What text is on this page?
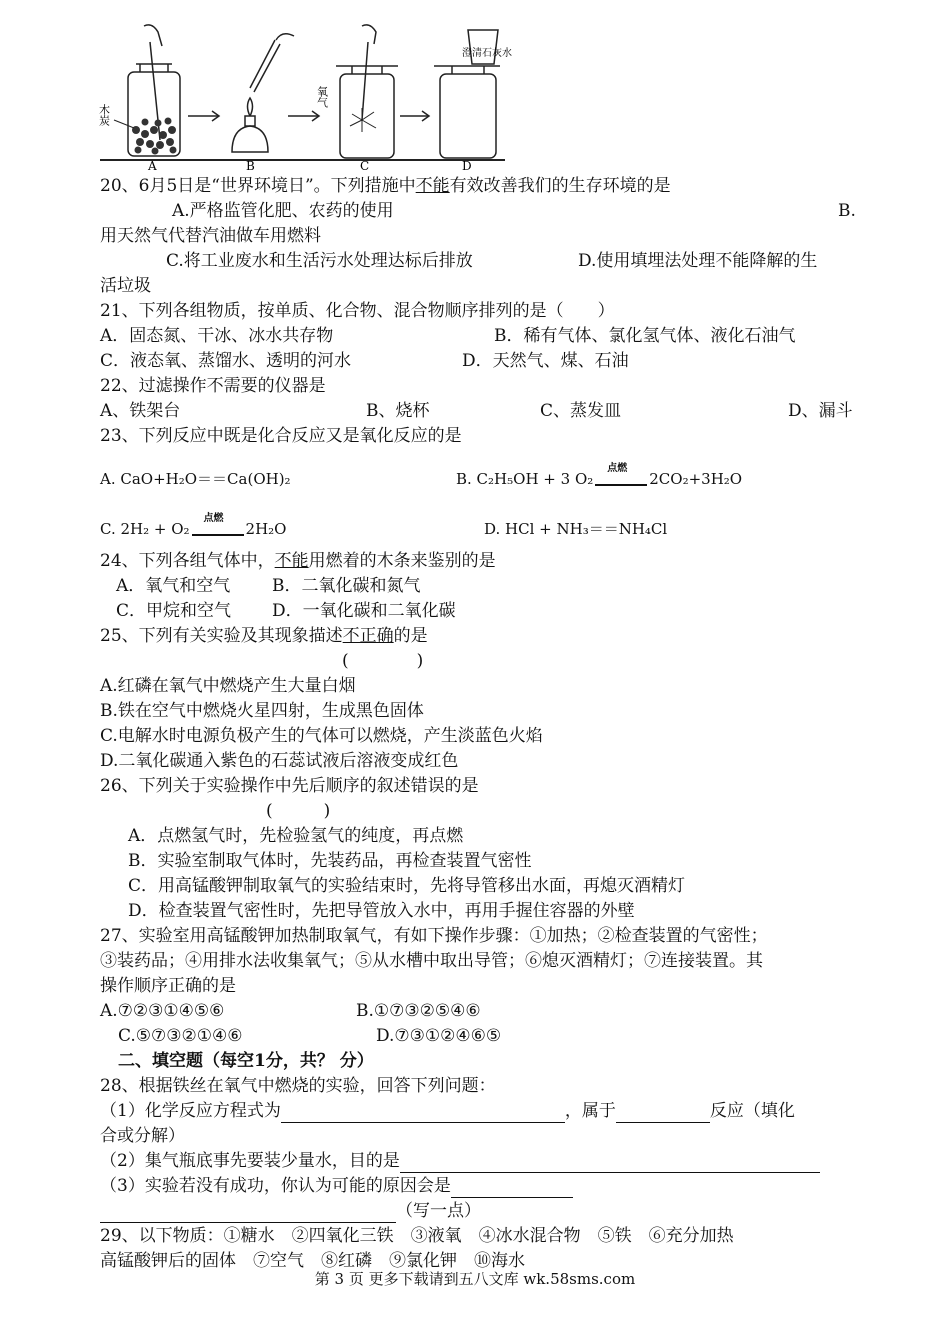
木炭
氧气
澄清石灰水
A	B	C	D
20、6月5日是“世界环境日”。下列措施中不能有效改善我们的生存环境的是
A.严格监管化肥、农药的使用	B.
用天然气代替汽油做车用燃料
C.将工业废水和生活污水处理达标后排放	D.使用填埋法处理不能降解的生
活垃圾
21、下列各组物质，按单质、化合物、混合物顺序排列的是（　　）
A．固态氮、干冰、冰水共存物	B．稀有气体、氯化氢气体、液化石油气
C．液态氧、蒸馏水、透明的河水	D．天然气、煤、石油
22、过滤操作不需要的仪器是
A、铁架台	B、烧杯	C、蒸发皿	D、漏斗
23、下列反应中既是化合反应又是氧化反应的是
A. CaO+H₂O＝＝Ca(OH)₂	B. C₂H₅OH + 3 O₂
点燃
2CO₂+3H₂O
C. 2H₂ + O₂
点燃
2H₂O	D. HCl + NH₃＝＝NH₄Cl
24、下列各组气体中，不能用燃着的木条来鉴别的是
A．氧气和空气 B．二氧化碳和氮气
C．甲烷和空气 D．一氧化碳和二氧化碳
25、下列有关实验及其现象描述不正确的是
(　　　　)
A.红磷在氧气中燃烧产生大量白烟
B.铁在空气中燃烧火星四射，生成黑色固体
C.电解水时电源负极产生的气体可以燃烧，产生淡蓝色火焰
D.二氧化碳通入紫色的石蕊试液后溶液变成红色
26、下列关于实验操作中先后顺序的叙述错误的是
(　　　)
A．点燃氢气时，先检验氢气的纯度，再点燃
B．实验室制取气体时，先装药品，再检查装置气密性
C．用高锰酸钾制取氧气的实验结束时，先将导管移出水面，再熄灭酒精灯
D．检查装置气密性时，先把导管放入水中，再用手握住容器的外壁
27、实验室用高锰酸钾加热制取氧气，有如下操作步骤：①加热；②检查装置的气密性；
③装药品；④用排水法收集氧气；⑤从水槽中取出导管；⑥熄灭酒精灯；⑦连接装置。其
操作顺序正确的是
A.⑦②③①④⑤⑥	B.①⑦③②⑤④⑥
C.⑤⑦③②①④⑥	D.⑦③①②④⑥⑤
二、填空题（每空1分，共？ 分）
28、根据铁丝在氧气中燃烧的实验，回答下列问题：
（1）化学反应方程式为	，属于	反应（填化
合或分解）
（2）集气瓶底事先要装少量水，目的是
（3）实验若没有成功，你认为可能的原因会是
（写一点）
29、以下物质：①糖水　②四氧化三铁　③液氧　④冰水混合物　⑤铁　⑥充分加热
高锰酸钾后的固体　⑦空气　⑧红磷　⑨氯化钾　⑩海水
第 3 页 更多下载请到五八文库 wk.58sms.com
